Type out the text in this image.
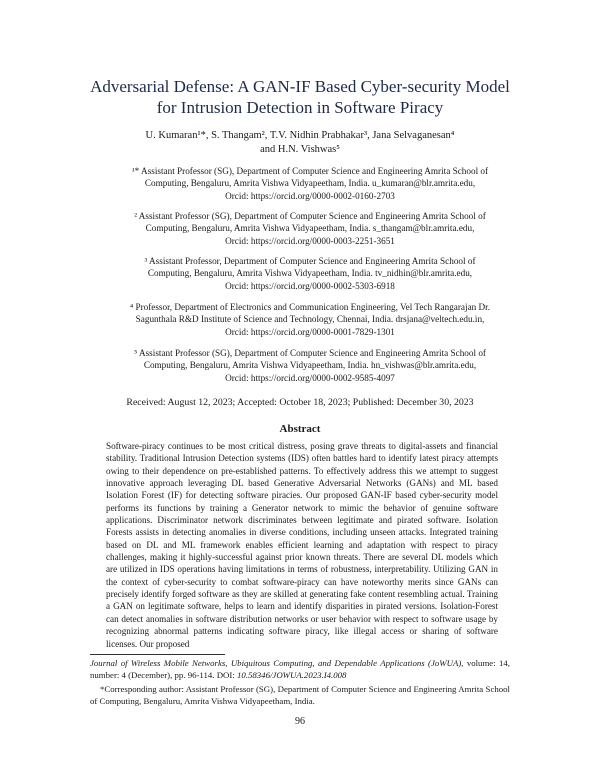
Adversarial Defense: A GAN-IF Based Cyber-security Model
for Intrusion Detection in Software Piracy
U. Kumaran¹*, S. Thangam², T.V. Nidhin Prabhakar³, Jana Selvaganesan⁴
and H.N. Vishwas⁵
¹* Assistant Professor (SG), Department of Computer Science and Engineering Amrita School of
Computing, Bengaluru, Amrita Vishwa Vidyapeetham, India. u_kumaran@blr.amrita.edu,
Orcid: https://orcid.org/0000-0002-0160-2703
² Assistant Professor (SG), Department of Computer Science and Engineering Amrita School of
Computing, Bengaluru, Amrita Vishwa Vidyapeetham, India. s_thangam@blr.amrita.edu,
Orcid: https://orcid.org/0000-0003-2251-3651
³ Assistant Professor, Department of Computer Science and Engineering Amrita School of
Computing, Bengaluru, Amrita Vishwa Vidyapeetham, India. tv_nidhin@blr.amrita.edu,
Orcid: https://orcid.org/0000-0002-5303-6918
⁴ Professor, Department of Electronics and Communication Engineering, Vel Tech Rangarajan Dr.
Sagunthala R&D Institute of Science and Technology, Chennai, India. drsjana@veltech.edu.in,
Orcid: https://orcid.org/0000-0001-7829-1301
⁵ Assistant Professor (SG), Department of Computer Science and Engineering Amrita School of
Computing, Bengaluru, Amrita Vishwa Vidyapeetham, India. hn_vishwas@blr.amrita.edu,
Orcid: https://orcid.org/0000-0002-9585-4097
Received: August 12, 2023; Accepted: October 18, 2023; Published: December 30, 2023
Abstract
Software-piracy continues to be most critical distress, posing grave threats to digital-assets and financial stability. Traditional Intrusion Detection systems (IDS) often battles hard to identify latest piracy attempts owing to their dependence on pre-established patterns. To effectively address this we attempt to suggest innovative approach leveraging DL based Generative Adversarial Networks (GANs) and ML based Isolation Forest (IF) for detecting software piracies. Our proposed GAN-IF based cyber-security model performs its functions by training a Generator network to mimic the behavior of genuine software applications. Discriminator network discriminates between legitimate and pirated software. Isolation Forests assists in detecting anomalies in diverse conditions, including unseen attacks. Integrated training based on DL and ML framework enables efficient learning and adaptation with respect to piracy challenges, making it highly-successful against prior known threats. There are several DL models which are utilized in IDS operations having limitations in terms of robustness, interpretability. Utilizing GAN in the context of cyber-security to combat software-piracy can have noteworthy merits since GANs can precisely identify forged software as they are skilled at generating fake content resembling actual. Training a GAN on legitimate software, helps to learn and identify disparities in pirated versions. Isolation-Forest can detect anomalies in software distribution networks or user behavior with respect to software usage by recognizing abnormal patterns indicating software piracy, like illegal access or sharing of software licenses. Our proposed
Journal of Wireless Mobile Networks, Ubiquitous Computing, and Dependable Applications (JoWUA), volume: 14, number: 4 (December), pp. 96-114. DOI: 10.58346/JOWUA.2023.I4.008
*Corresponding author: Assistant Professor (SG), Department of Computer Science and Engineering Amrita School of Computing, Bengaluru, Amrita Vishwa Vidyapeetham, India.
96
